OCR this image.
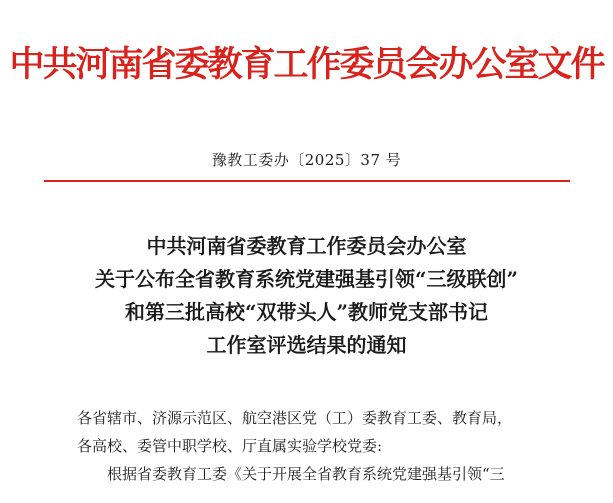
中共河南省委教育工作委员会办公室文件
豫教工委办〔2025〕37 号
中共河南省委教育工作委员会办公室
关于公布全省教育系统党建强基引领“三级联创”
和第三批高校“双带头人”教师党支部书记
工作室评选结果的通知

各省辖市、济源示范区、航空港区党（工）委教育工委、教育局，

各高校、委管中职学校、厅直属实验学校党委:

根据省委教育工委《关于开展全省教育系统党建强基引领“三
